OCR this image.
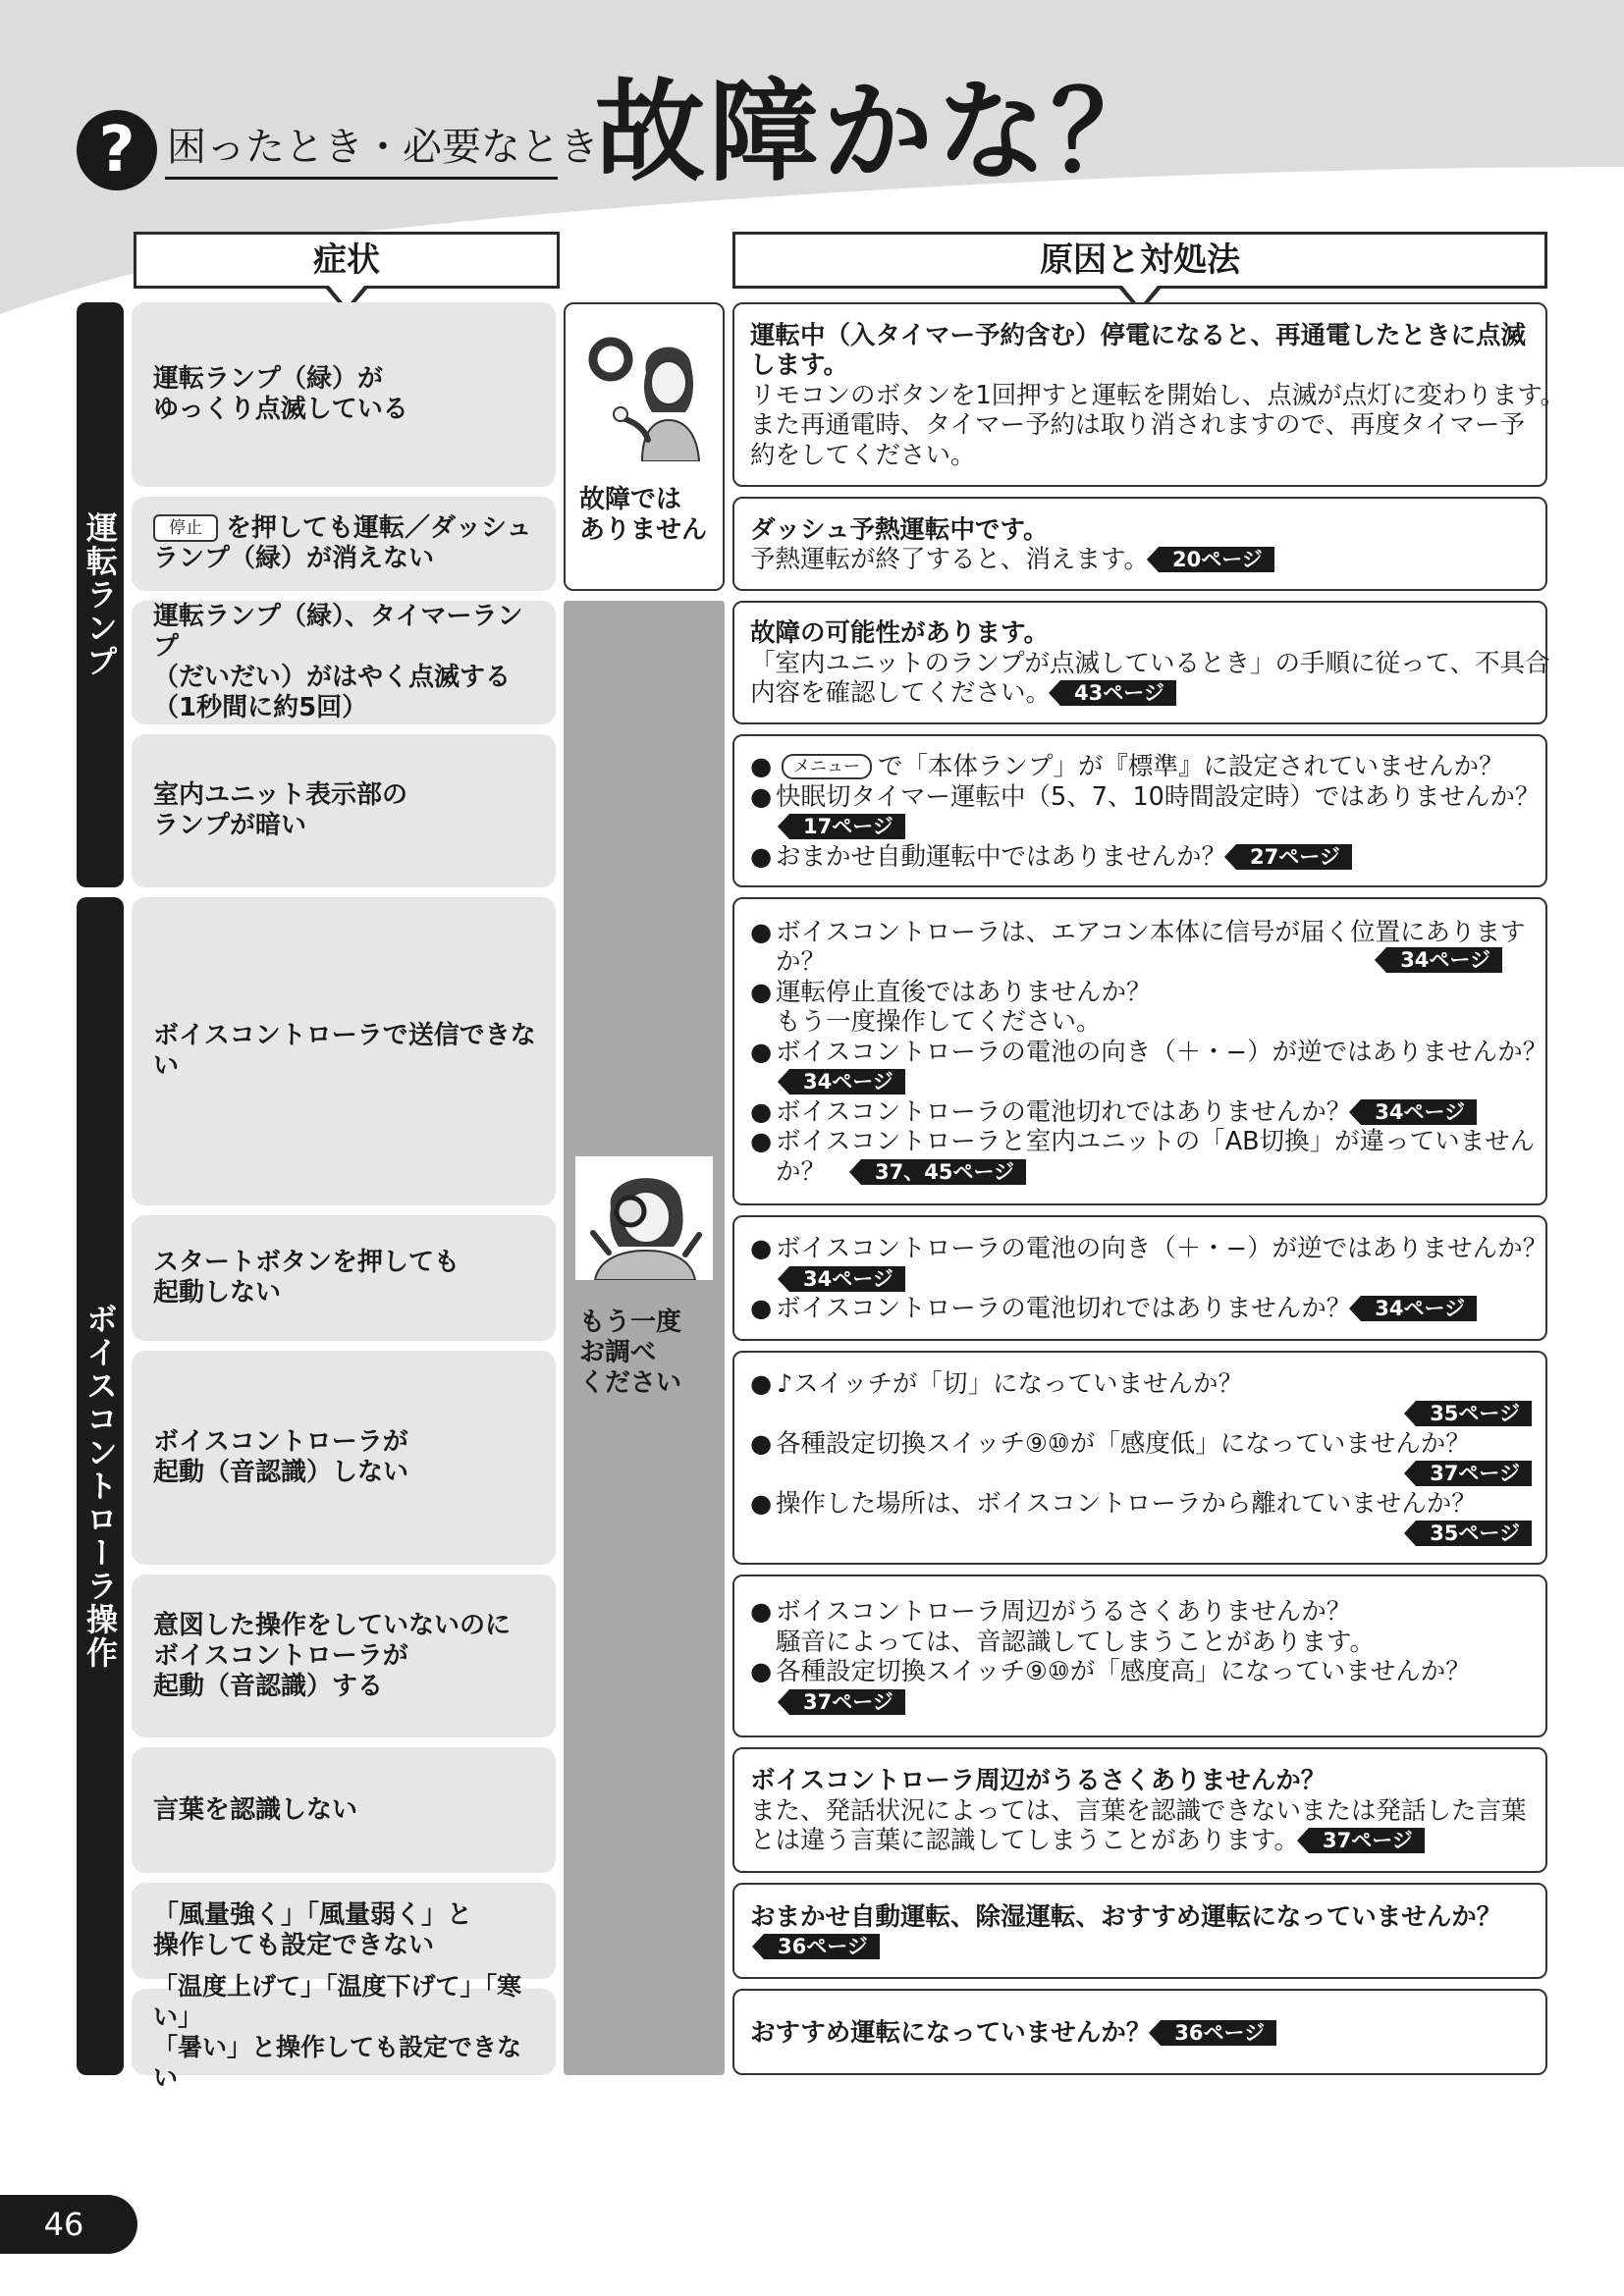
? 困ったとき・必要なとき
故障かな？
症状	原因と対処法
運転ランプ
ボイスコントローラ操作
運転ランプ（緑）が
ゆっくり点滅している
停止 を押しても運転／ダッシュ
ランプ（緑）が消えない
運転ランプ（緑）、タイマーランプ
（だいだい）がはやく点滅する
（1秒間に約5回）
室内ユニット表示部の
ランプが暗い
ボイスコントローラで送信できない
スタートボタンを押しても
起動しない
ボイスコントローラが
起動（音認識）しない
意図した操作をしていないのに
ボイスコントローラが
起動（音認識）する
言葉を認識しない
「風量強く」「風量弱く」と
操作しても設定できない
「温度上げて」「温度下げて」「寒い」
「暑い」と操作しても設定できない
故障では
ありません
もう一度
お調べ
ください
運転中（入タイマー予約含む）停電になると、再通電したときに点滅
します。
リモコンのボタンを1回押すと運転を開始し、点滅が点灯に変わります。
また再通電時、タイマー予約は取り消されますので、再度タイマー予
約をしてください。
ダッシュ予熱運転中です。
予熱運転が終了すると、消えます。 20ページ
故障の可能性があります。
「室内ユニットのランプが点滅しているとき」の手順に従って、不具合
内容を確認してください。 43ページ
● メニュー で「本体ランプ」が『標準』に設定されていませんか？
● 快眠切タイマー運転中（5、7、10時間設定時）ではありませんか？
17ページ
● おまかせ自動運転中ではありませんか？ 27ページ
● ボイスコントローラは、エアコン本体に信号が届く位置にあります
か？	34ページ
● 運転停止直後ではありませんか？
もう一度操作してください。
● ボイスコントローラの電池の向き（＋・−）が逆ではありませんか？
34ページ
● ボイスコントローラの電池切れではありませんか？ 34ページ
● ボイスコントローラと室内ユニットの「AB切換」が違っていません
か？ 37、45ページ
● ボイスコントローラの電池の向き（＋・−）が逆ではありませんか？
34ページ
● ボイスコントローラの電池切れではありませんか？ 34ページ
● ♪スイッチが「切」になっていませんか？
35ページ
● 各種設定切換スイッチ⑨⑩が「感度低」になっていませんか？
37ページ
● 操作した場所は、ボイスコントローラから離れていませんか？
35ページ
● ボイスコントローラ周辺がうるさくありませんか？
騒音によっては、音認識してしまうことがあります。
● 各種設定切換スイッチ⑨⑩が「感度高」になっていませんか？
37ページ
ボイスコントローラ周辺がうるさくありませんか？
また、発話状況によっては、言葉を認識できないまたは発話した言葉
とは違う言葉に認識してしまうことがあります。 37ページ
おまかせ自動運転、除湿運転、おすすめ運転になっていませんか？
36ページ
おすすめ運転になっていませんか？ 36ページ
46
